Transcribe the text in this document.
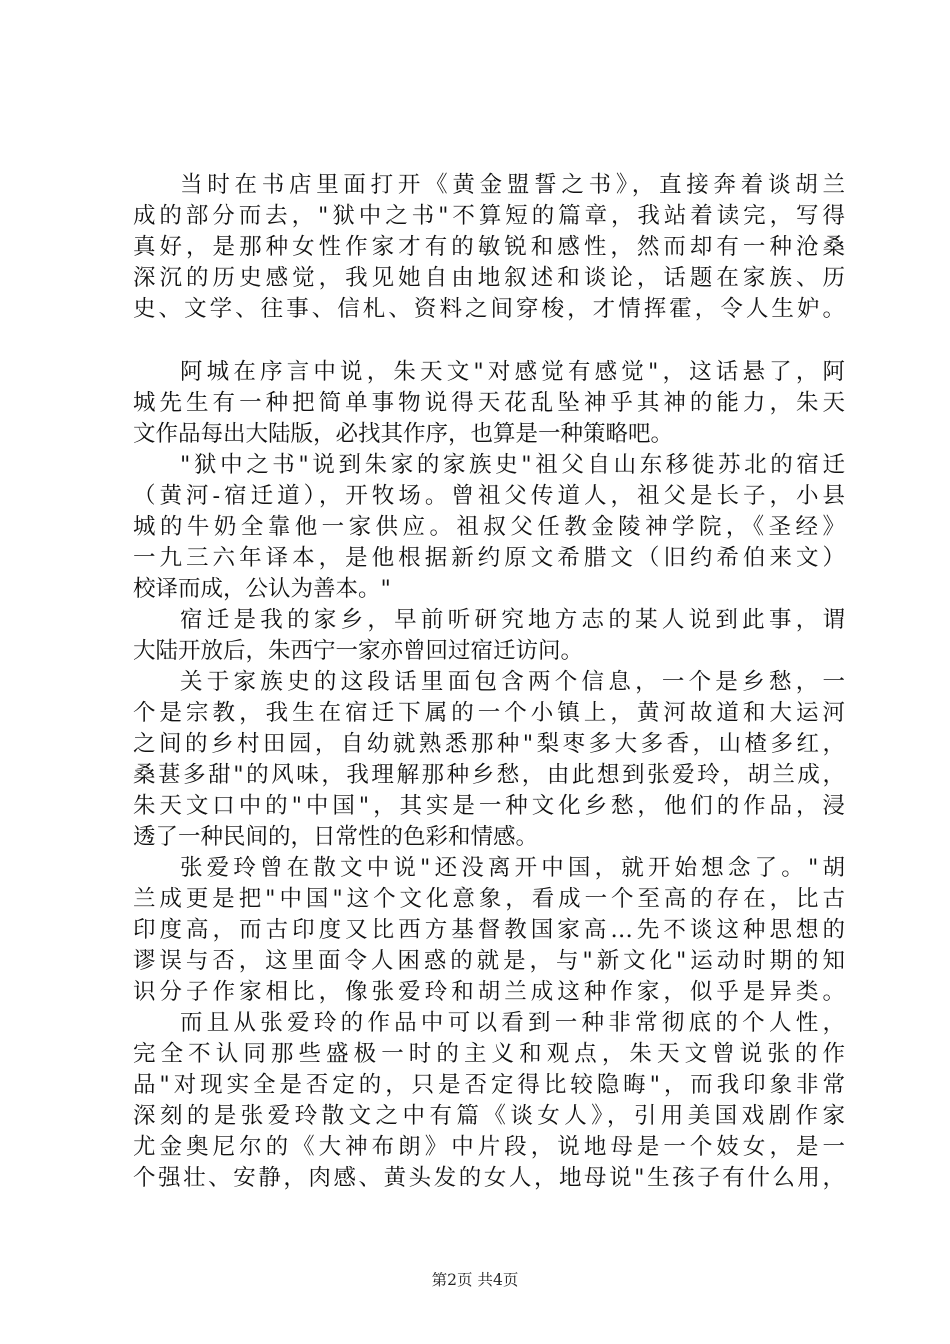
当时在书店里面打开《黄金盟誓之书》，直接奔着谈胡兰
成的部分而去，"狱中之书"不算短的篇章，我站着读完，写得
真好，是那种女性作家才有的敏锐和感性，然而却有一种沧桑
深沉的历史感觉，我见她自由地叙述和谈论，话题在家族、历
史、文学、往事、信札、资料之间穿梭，才情挥霍，令人生妒。
阿城在序言中说，朱天文"对感觉有感觉"，这话悬了，阿
城先生有一种把简单事物说得天花乱坠神乎其神的能力，朱天
文作品每出大陆版，必找其作序，也算是一种策略吧。
"狱中之书"说到朱家的家族史"祖父自山东移徙苏北的宿迁
（黄河-宿迁道），开牧场。曾祖父传道人，祖父是长子，小县
城的牛奶全靠他一家供应。祖叔父任教金陵神学院，《圣经》
一九三六年译本，是他根据新约原文希腊文（旧约希伯来文）
校译而成，公认为善本。"
宿迁是我的家乡，早前听研究地方志的某人说到此事，谓
大陆开放后，朱西宁一家亦曾回过宿迁访问。
关于家族史的这段话里面包含两个信息，一个是乡愁，一
个是宗教，我生在宿迁下属的一个小镇上，黄河故道和大运河
之间的乡村田园，自幼就熟悉那种"梨枣多大多香，山楂多红，
桑葚多甜"的风味，我理解那种乡愁，由此想到张爱玲，胡兰成，
朱天文口中的"中国"，其实是一种文化乡愁，他们的作品，浸
透了一种民间的，日常性的色彩和情感。
张爱玲曾在散文中说"还没离开中国，就开始想念了。"胡
兰成更是把"中国"这个文化意象，看成一个至高的存在，比古
印度高，而古印度又比西方基督教国家高…先不谈这种思想的
谬误与否，这里面令人困惑的就是，与"新文化"运动时期的知
识分子作家相比，像张爱玲和胡兰成这种作家，似乎是异类。
而且从张爱玲的作品中可以看到一种非常彻底的个人性，
完全不认同那些盛极一时的主义和观点，朱天文曾说张的作
品"对现实全是否定的，只是否定得比较隐晦"，而我印象非常
深刻的是张爱玲散文之中有篇《谈女人》，引用美国戏剧作家
尤金奥尼尔的《大神布朗》中片段，说地母是一个妓女，是一
个强壮、安静，肉感、黄头发的女人，地母说"生孩子有什么用，
第2页 共4页
